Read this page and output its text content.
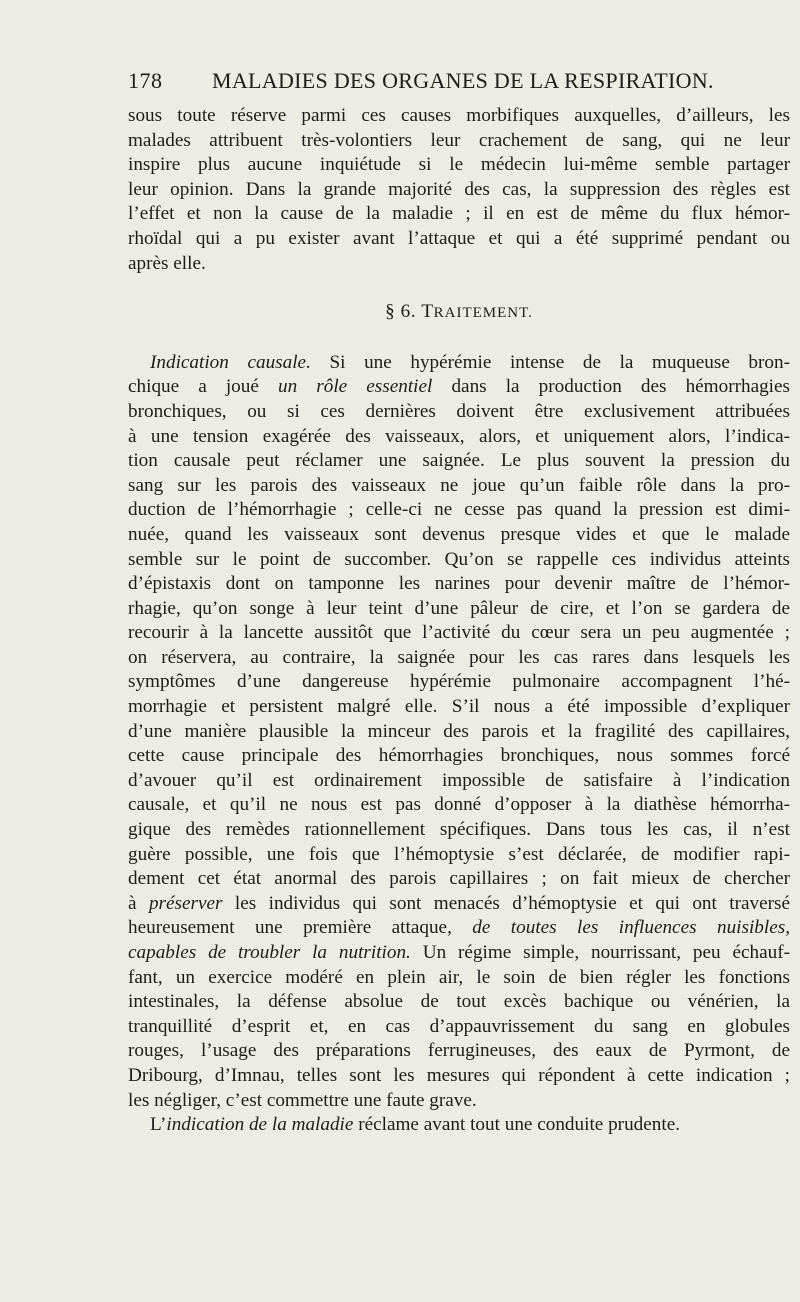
178 MALADIES DES ORGANES DE LA RESPIRATION.
sous toute réserve parmi ces causes morbifiques auxquelles, d’ailleurs, les
malades attribuent très-volontiers leur crachement de sang, qui ne leur
inspire plus aucune inquiétude si le médecin lui-même semble partager
leur opinion. Dans la grande majorité des cas, la suppression des règles est
l’effet et non la cause de la maladie ; il en est de même du flux hémor-
rhoïdal qui a pu exister avant l’attaque et qui a été supprimé pendant ou
après elle.
§ 6. TRAITEMENT.
Indication causale. Si une hypérémie intense de la muqueuse bron-
chique a joué un rôle essentiel dans la production des hémorrhagies
bronchiques, ou si ces dernières doivent être exclusivement attribuées
à une tension exagérée des vaisseaux, alors, et uniquement alors, l’indica-
tion causale peut réclamer une saignée. Le plus souvent la pression du
sang sur les parois des vaisseaux ne joue qu’un faible rôle dans la pro-
duction de l’hémorrhagie ; celle-ci ne cesse pas quand la pression est dimi-
nuée, quand les vaisseaux sont devenus presque vides et que le malade
semble sur le point de succomber. Qu’on se rappelle ces individus atteints
d’épistaxis dont on tamponne les narines pour devenir maître de l’hémor-
rhagie, qu’on songe à leur teint d’une pâleur de cire, et l’on se gardera de
recourir à la lancette aussitôt que l’activité du cœur sera un peu augmentée ;
on réservera, au contraire, la saignée pour les cas rares dans lesquels les
symptômes d’une dangereuse hypérémie pulmonaire accompagnent l’hé-
morrhagie et persistent malgré elle. S’il nous a été impossible d’expliquer
d’une manière plausible la minceur des parois et la fragilité des capillaires,
cette cause principale des hémorrhagies bronchiques, nous sommes forcé
d’avouer qu’il est ordinairement impossible de satisfaire à l’indication
causale, et qu’il ne nous est pas donné d’opposer à la diathèse hémorrha-
gique des remèdes rationnellement spécifiques. Dans tous les cas, il n’est
guère possible, une fois que l’hémoptysie s’est déclarée, de modifier rapi-
dement cet état anormal des parois capillaires ; on fait mieux de chercher
à préserver les individus qui sont menacés d’hémoptysie et qui ont traversé
heureusement une première attaque, de toutes les influences nuisibles,
capables de troubler la nutrition. Un régime simple, nourrissant, peu échauf-
fant, un exercice modéré en plein air, le soin de bien régler les fonctions
intestinales, la défense absolue de tout excès bachique ou vénérien, la
tranquillité d’esprit et, en cas d’appauvrissement du sang en globules
rouges, l’usage des préparations ferrugineuses, des eaux de Pyrmont, de
Dribourg, d’Imnau, telles sont les mesures qui répondent à cette indication ;
les négliger, c’est commettre une faute grave.
L’indication de la maladie réclame avant tout une conduite prudente.
